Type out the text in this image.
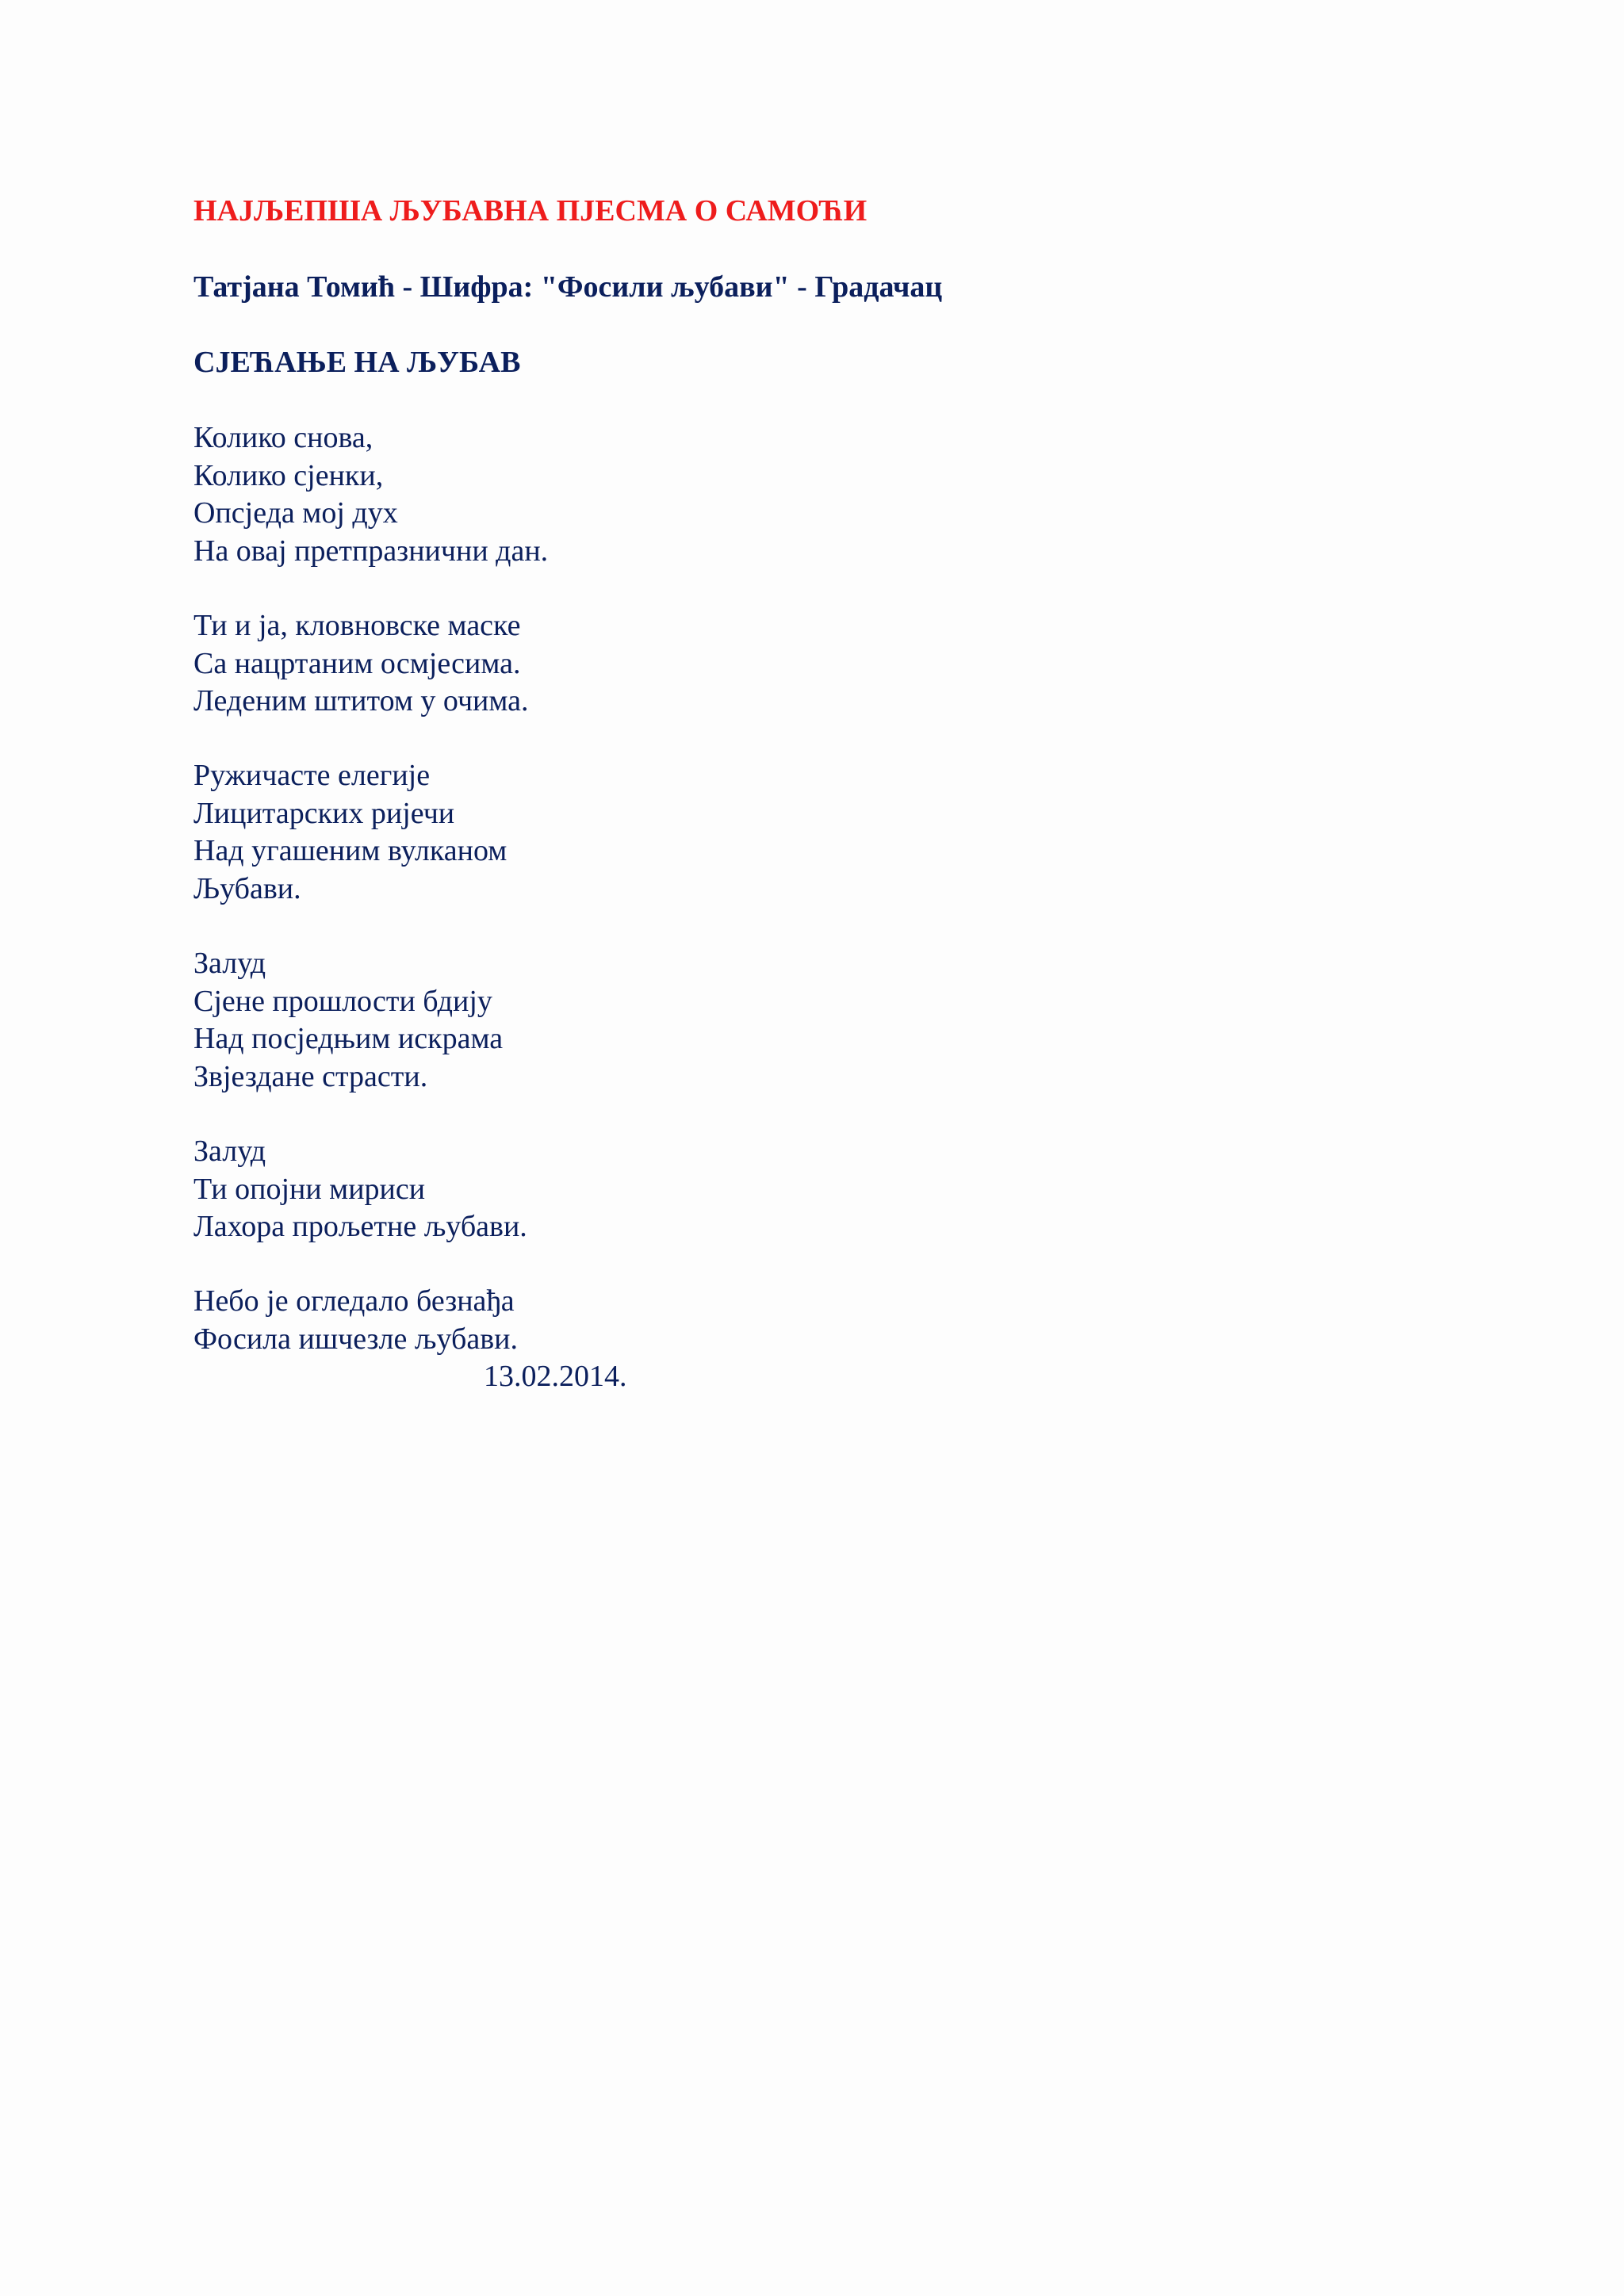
НАЈЉЕПША ЉУБАВНА ПЈЕСМА О САМОЋИ
Татјана Томић - Шифра: "Фосили љубави" - Градачац
СЈЕЋАЊЕ НА ЉУБАВ
Колико снова,
Колико сјенки,
Опсједа мој дух
На овај претпразнични дан.
Ти и ја, кловновске маске
Са нацртаним осмјесима.
Леденим штитом у очима.
Ружичасте елегије
Лицитарских ријечи
Над угашеним вулканом
Љубави.
Залуд
Сјене прошлости бдију
Над посједњим искрама
Звјездане страсти.
Залуд
Ти опојни мириси
Лахора прољетне љубави.
Небо је огледало безнађа
Фосила ишчезле љубави.
13.02.2014.
